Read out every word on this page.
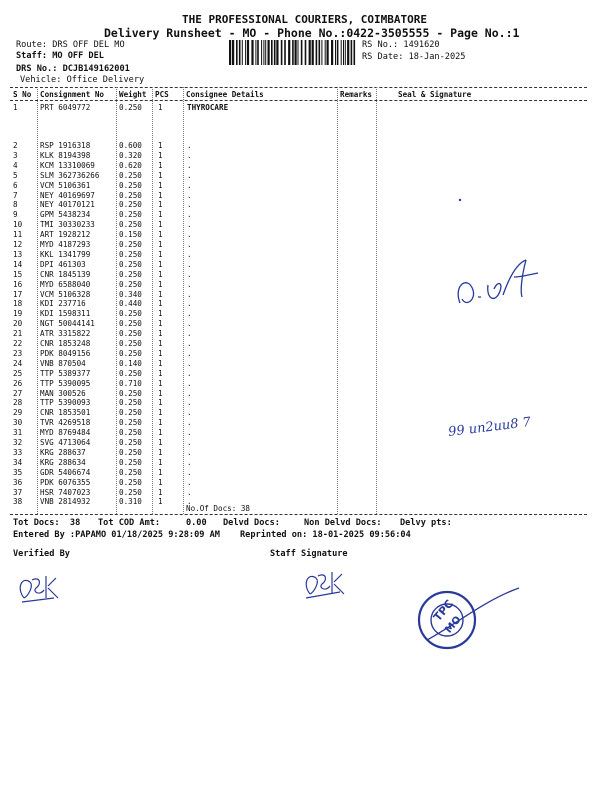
THE PROFESSIONAL COURIERS, COIMBATORE
Delivery Runsheet - MO - Phone No.:0422-3505555 - Page No.:1
Route: DRS OFF DEL MO
Staff: MO OFF DEL
DRS No.: DCJB149162001
Vehicle: Office Delivery
RS No.: 1491620
RS Date: 18-Jan-2025
S No Consignment No Weight PCS Consignee Details	Remarks	Seal & Signature
1	PRT 6049772	0.250 1	THYROCARE
2	RSP 1916318	0.600 1	.
3	KLK 8194398	0.320 1	.
4	KCM 13310069	0.620 1	.
5	SLM 362736266	0.250 1	.
6	VCM 5106361	0.250 1	.
7	NEY 40169697	0.250 1	.
8	NEY 40170121	0.250 1	.
9	GPM 5438234	0.250 1	.
10 TMI 30330233	0.250 1	.
11 ART 1928212	0.150 1	.
12 MYD 4187293	0.250 1	.
13 KKL 1341799	0.250 1	.
14 DPI 461303	0.250 1	.
15 CNR 1845139	0.250 1	.
16 MYD 6588040	0.250 1	.
17 VCM 5106328	0.340 1	.
18 KDI 237716	0.440 1	.
19 KDI 1598311	0.250 1	.
20 NGT 50044141	0.250 1	.
21 ATR 3315822	0.250 1	.
22 CNR 1853248	0.250 1	.
23 PDK 8049156	0.250 1	.
24 VNB 870504	0.140 1	.
25 TTP 5389377	0.250 1	.
26 TTP 5390095	0.710 1	.
27 MAN 300526	0.250 1	.
28 TTP 5390093	0.250 1	.
29 CNR 1853501	0.250 1	.
30 TVR 4269518	0.250 1	.
31 MYD 8769484	0.250 1	.
32 SVG 4713064	0.250 1	.
33 KRG 288637	0.250 1	.
34 KRG 288634	0.250 1	.
35 GDR 5406674	0.250 1	.
36 PDK 6076355	0.250 1	.
37 HSR 7407023	0.250 1	.
38 VNB 2814932	0.310 1	.
No.Of Docs: 38
Tot Docs:  38 Tot COD Amt:     0.00 Delvd Docs:	Non Delvd Docs: Delvy pts:
Entered By :PAPAMO 01/18/2025 9:28:09 AM Reprinted on: 18-01-2025 09:56:04
Verified By	Staff Signature
99 un2uu8 7
TPC
MO
